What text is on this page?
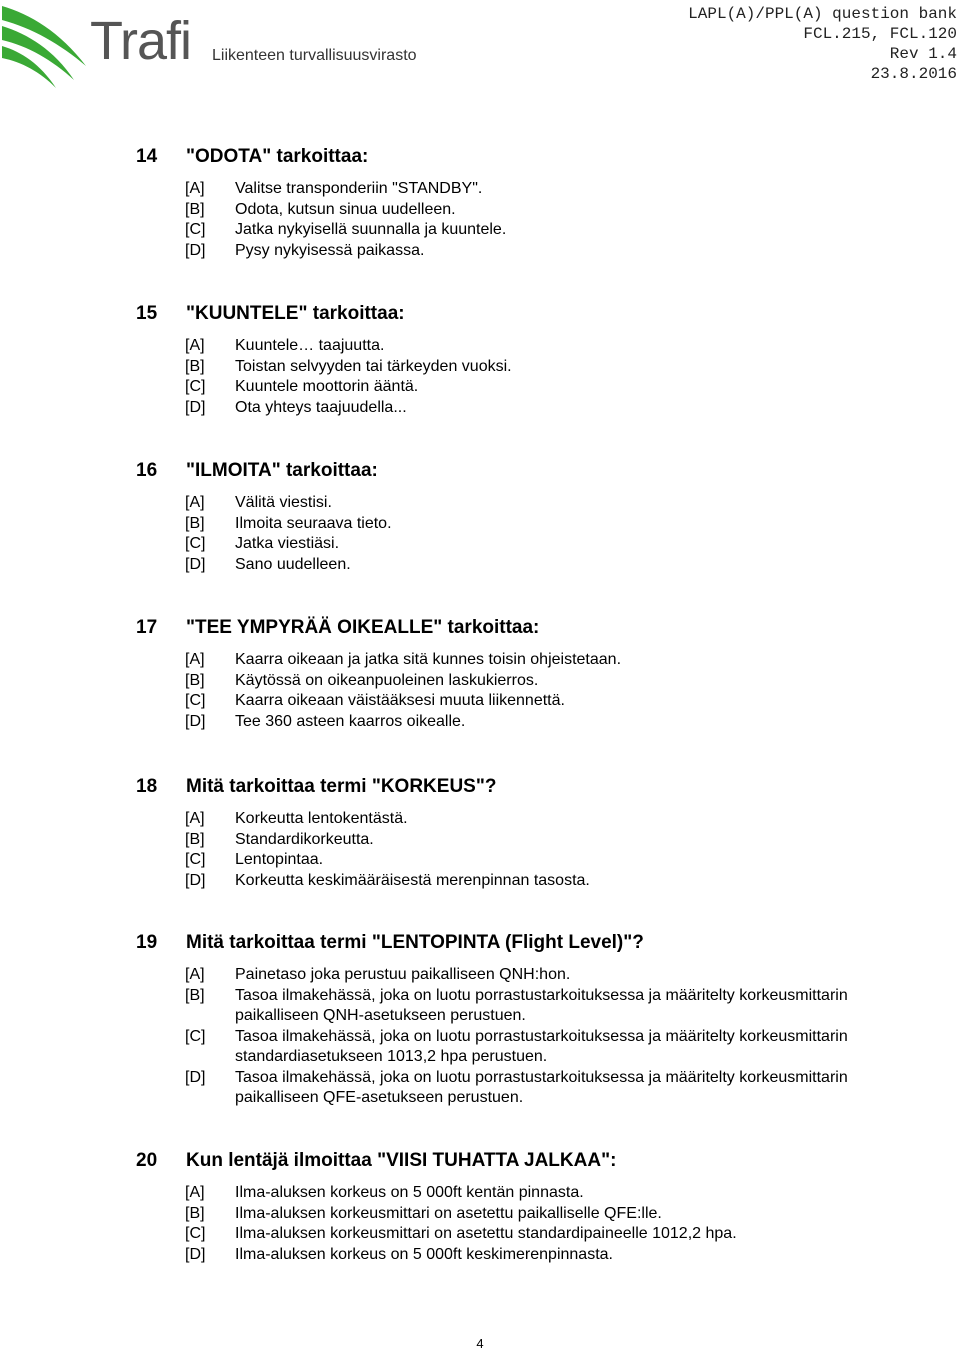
Trafi Liikenteen turvallisuusvirasto
LAPL(A)/PPL(A) question bank
FCL.215, FCL.120
Rev 1.4
23.8.2016
14 "ODOTA" tarkoittaa:
[A] Valitse transponderiin "STANDBY".
[B] Odota, kutsun sinua uudelleen.
[C] Jatka nykyisellä suunnalla ja kuuntele.
[D] Pysy nykyisessä paikassa.
15 "KUUNTELE" tarkoittaa:
[A] Kuuntele… taajuutta.
[B] Toistan selvyyden tai tärkeyden vuoksi.
[C] Kuuntele moottorin ääntä.
[D] Ota yhteys taajuudella...
16 "ILMOITA" tarkoittaa:
[A] Välitä viestisi.
[B] Ilmoita seuraava tieto.
[C] Jatka viestiäsi.
[D] Sano uudelleen.
17 "TEE YMPYRÄÄ OIKEALLE" tarkoittaa:
[A] Kaarra oikeaan ja jatka sitä kunnes toisin ohjeistetaan.
[B] Käytössä on oikeanpuoleinen laskukierros.
[C] Kaarra oikeaan väistääksesi muuta liikennettä.
[D] Tee 360 asteen kaarros oikealle.
18 Mitä tarkoittaa termi "KORKEUS"?
[A] Korkeutta lentokentästä.
[B] Standardikorkeutta.
[C] Lentopintaa.
[D] Korkeutta keskimääräisestä merenpinnan tasosta.
19 Mitä tarkoittaa termi "LENTOPINTA (Flight Level)"?
[A] Painetaso joka perustuu paikalliseen QNH:hon.
[B] Tasoa ilmakehässä, joka on luotu porrastustarkoituksessa ja määritelty korkeusmittarin paikalliseen QNH-asetukseen perustuen.
[C] Tasoa ilmakehässä, joka on luotu porrastustarkoituksessa ja määritelty korkeusmittarin standardiasetukseen 1013,2 hpa perustuen.
[D] Tasoa ilmakehässä, joka on luotu porrastustarkoituksessa ja määritelty korkeusmittarin paikalliseen QFE-asetukseen perustuen.
20 Kun lentäjä ilmoittaa "VIISI TUHATTA JALKAA":
[A] Ilma-aluksen korkeus on 5 000ft kentän pinnasta.
[B] Ilma-aluksen korkeusmittari on asetettu paikalliselle QFE:lle.
[C] Ilma-aluksen korkeusmittari on asetettu standardipaineelle 1012,2 hpa.
[D] Ilma-aluksen korkeus on 5 000ft keskimerenpinnasta.
4
